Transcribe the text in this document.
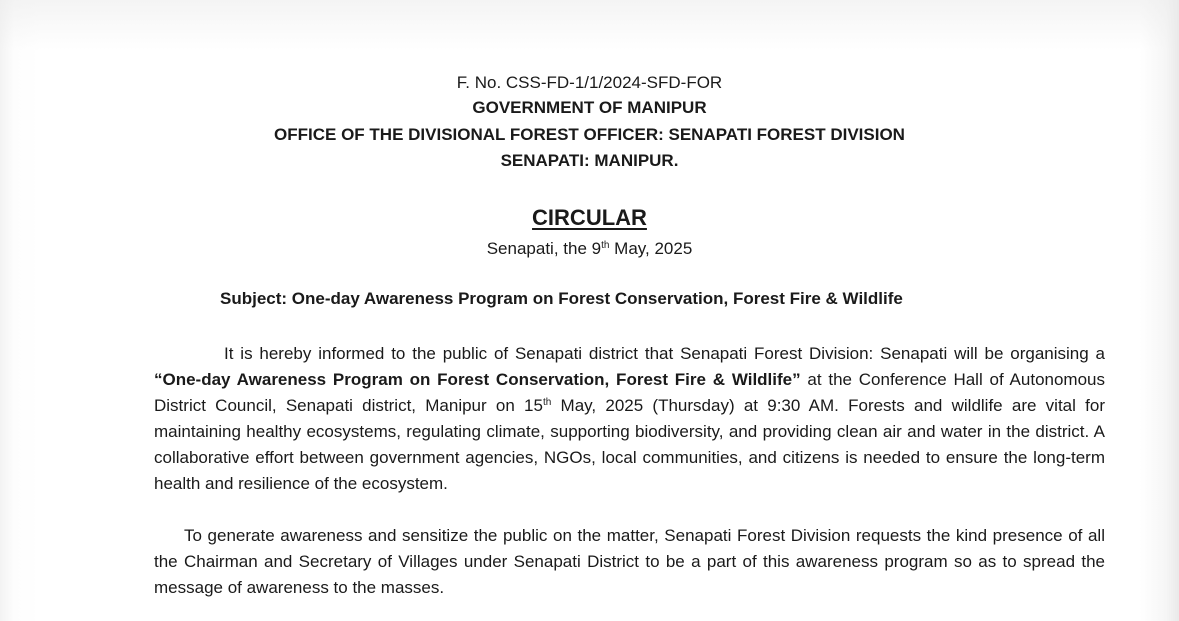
F. No. CSS-FD-1/1/2024-SFD-FOR
GOVERNMENT OF MANIPUR
OFFICE OF THE DIVISIONAL FOREST OFFICER: SENAPATI FOREST DIVISION
SENAPATI: MANIPUR.
CIRCULAR
Senapati, the 9th May, 2025
Subject: One-day Awareness Program on Forest Conservation, Forest Fire & Wildlife
It is hereby informed to the public of Senapati district that Senapati Forest Division: Senapati will be organising a “One-day Awareness Program on Forest Conservation, Forest Fire & Wildlife” at the Conference Hall of Autonomous District Council, Senapati district, Manipur on 15th May, 2025 (Thursday) at 9:30 AM. Forests and wildlife are vital for maintaining healthy ecosystems, regulating climate, supporting biodiversity, and providing clean air and water in the district. A collaborative effort between government agencies, NGOs, local communities, and citizens is needed to ensure the long-term health and resilience of the ecosystem.
To generate awareness and sensitize the public on the matter, Senapati Forest Division requests the kind presence of all the Chairman and Secretary of Villages under Senapati District to be a part of this awareness program so as to spread the message of awareness to the masses.
